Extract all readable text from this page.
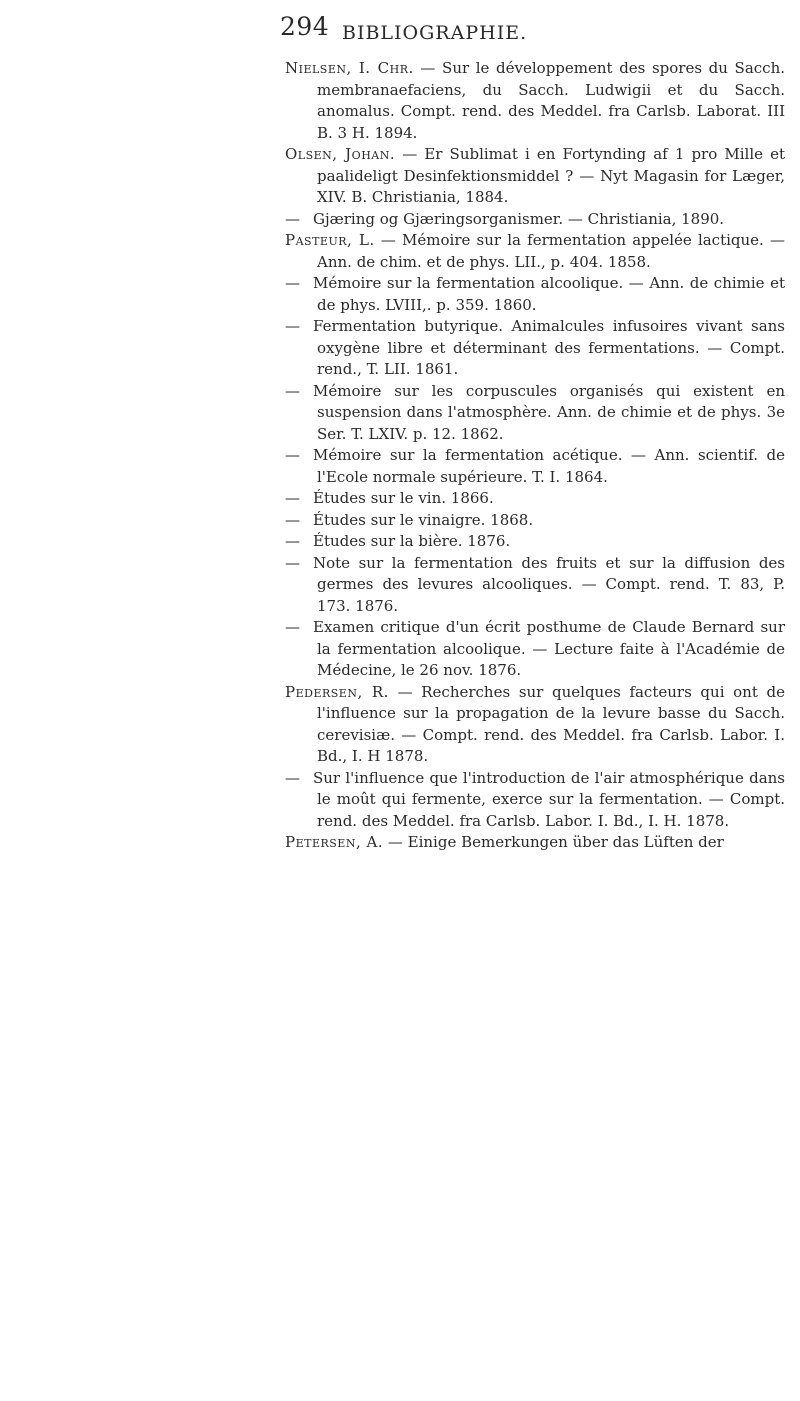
294 BIBLIOGRAPHIE.

Nielsen, I. Chr. — Sur le développement des spores du Sacch. membranaefaciens, du Sacch. Ludwigii et du Sacch. anomalus. Compt. rend. des Meddel. fra Carlsb. Laborat. III B. 3 H. 1894.

Olsen, Johan. — Er Sublimat i en Fortynding af 1 pro Mille et paalideligt Desinfektionsmiddel ? — Nyt Magasin for Læger, XIV. B. Christiania, 1884.

— Gjæring og Gjæringsorganismer. — Christiania, 1890.

Pasteur, L. — Mémoire sur la fermentation appelée lactique. — Ann. de chim. et de phys. LII., p. 404. 1858.

— Mémoire sur la fermentation alcoolique. — Ann. de chimie et de phys. LVIII,. p. 359. 1860.

— Fermentation butyrique. Animalcules infusoires vivant sans oxygène libre et déterminant des fermentations. — Compt. rend., T. LII. 1861.

— Mémoire sur les corpuscules organisés qui existent en suspension dans l'atmosphère. Ann. de chimie et de phys. 3e Ser. T. LXIV. p. 12. 1862.

— Mémoire sur la fermentation acétique. — Ann. scientif. de l'Ecole normale supérieure. T. I. 1864.

— Études sur le vin. 1866.

— Études sur le vinaigre. 1868.

— Études sur la bière. 1876.

— Note sur la fermentation des fruits et sur la diffusion des germes des levures alcooliques. — Compt. rend. T. 83, P. 173. 1876.

— Examen critique d'un écrit posthume de Claude Bernard sur la fermentation alcoolique. — Lecture faite à l'Académie de Médecine, le 26 nov. 1876.

Pedersen, R. — Recherches sur quelques facteurs qui ont de l'influence sur la propagation de la levure basse du Sacch. cerevisiæ. — Compt. rend. des Meddel. fra Carlsb. Labor. I. Bd., I. H 1878.

— Sur l'influence que l'introduction de l'air atmosphérique dans le moût qui fermente, exerce sur la fermentation. — Compt. rend. des Meddel. fra Carlsb. Labor. I. Bd., I. H. 1878.

Petersen, A. — Einige Bemerkungen über das Lüften der
